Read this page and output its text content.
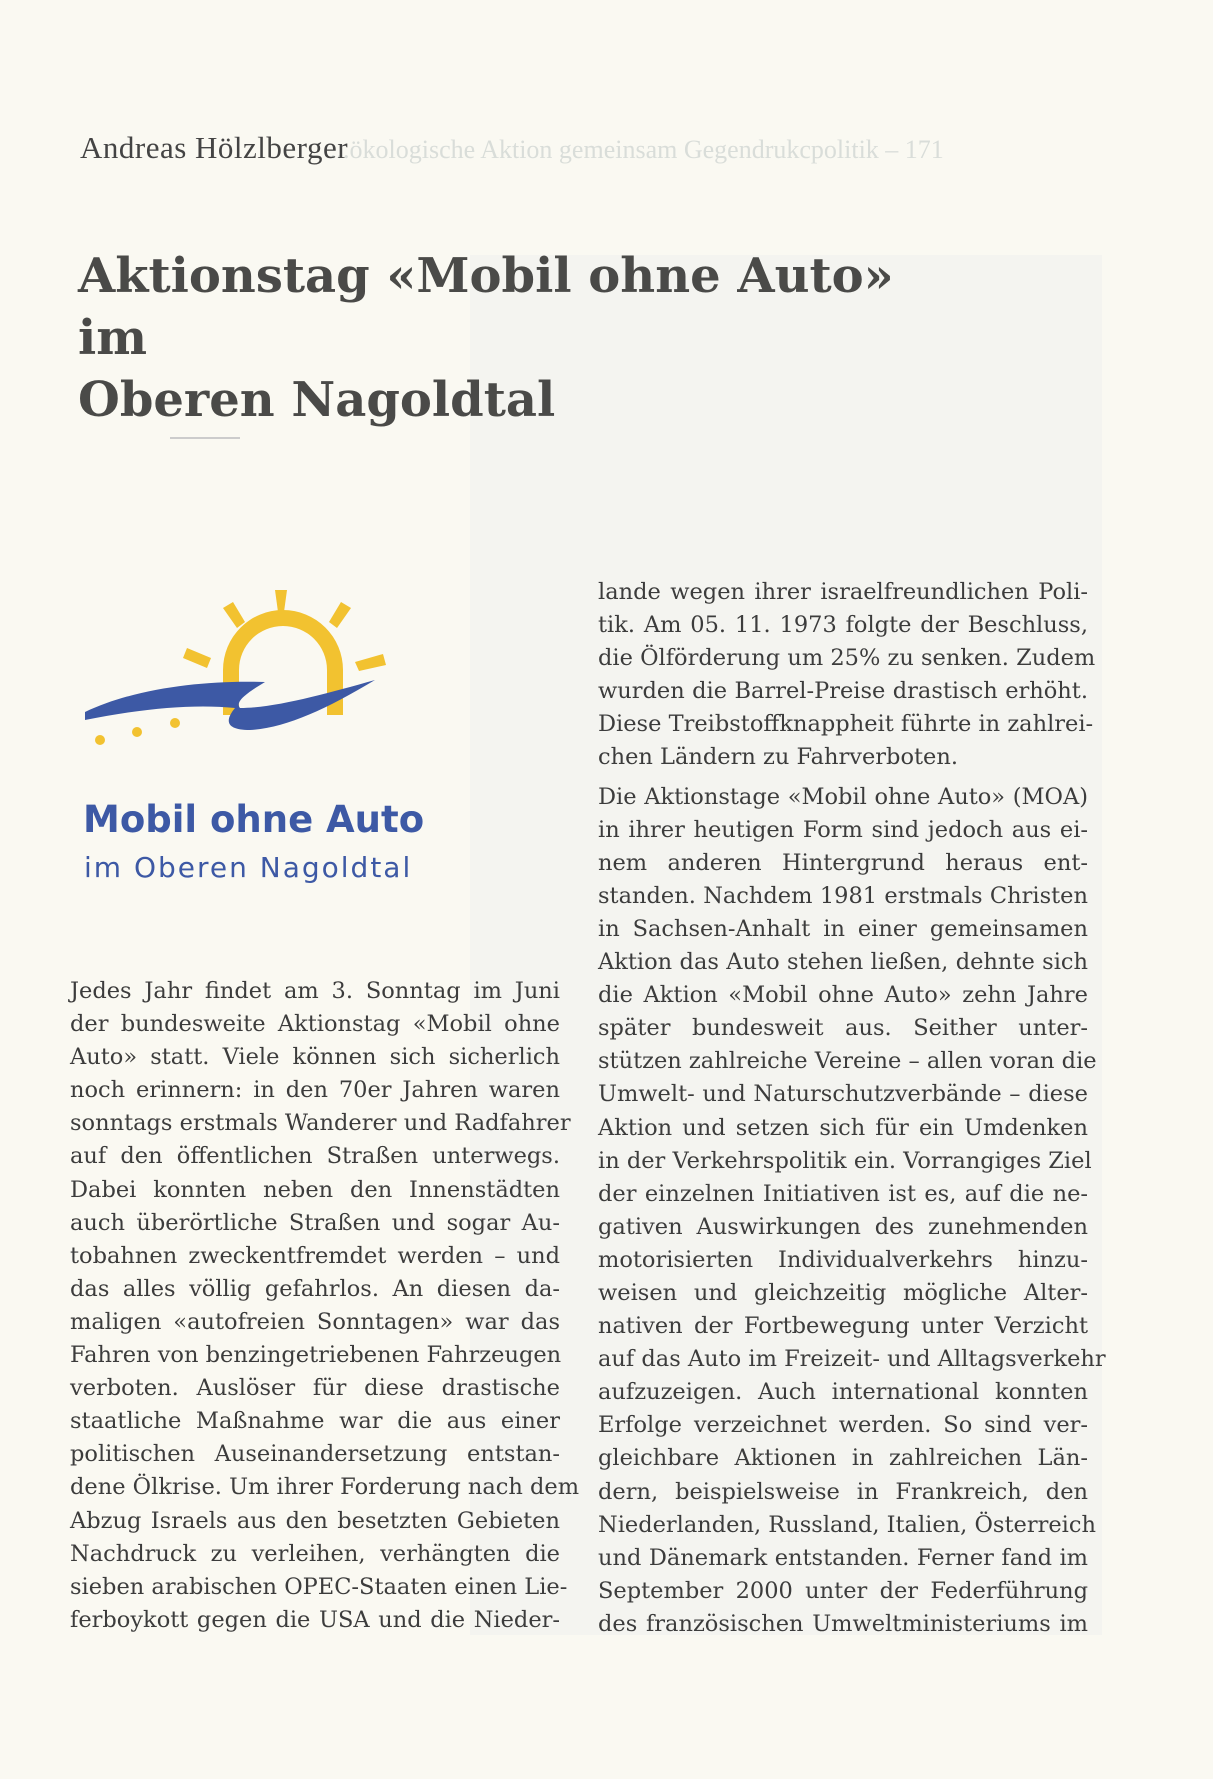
...ökologische Aktion gemeinsam Gegendrukcpolitik – 171
Andreas Hölzlberger
Aktionstag «Mobil ohne Auto» im
Oberen Nagoldtal
Mobil ohne Auto
im Oberen Nagoldtal
Jedes Jahr findet am 3. Sonntag im Juni
der bundesweite Aktionstag «Mobil ohne
Auto» statt. Viele können sich sicherlich
noch erinnern: in den 70er Jahren waren
sonntags erstmals Wanderer und Radfahrer
auf den öffentlichen Straßen unterwegs.
Dabei konnten neben den Innenstädten
auch überörtliche Straßen und sogar Au-
tobahnen zweckentfremdet werden – und
das alles völlig gefahrlos. An diesen da-
maligen «autofreien Sonntagen» war das
Fahren von benzingetriebenen Fahrzeugen
verboten. Auslöser für diese drastische
staatliche Maßnahme war die aus einer
politischen Auseinandersetzung entstan-
dene Ölkrise. Um ihrer Forderung nach dem
Abzug Israels aus den besetzten Gebieten
Nachdruck zu verleihen, verhängten die
sieben arabischen OPEC-Staaten einen Lie-
ferboykott gegen die USA und die Nieder-
lande wegen ihrer israelfreundlichen Poli-
tik. Am 05. 11. 1973 folgte der Beschluss,
die Ölförderung um 25% zu senken. Zudem
wurden die Barrel-Preise drastisch erhöht.
Diese Treibstoffknappheit führte in zahlrei-
chen Ländern zu Fahrverboten.
Die Aktionstage «Mobil ohne Auto» (MOA)
in ihrer heutigen Form sind jedoch aus ei-
nem anderen Hintergrund heraus ent-
standen. Nachdem 1981 erstmals Christen
in Sachsen-Anhalt in einer gemeinsamen
Aktion das Auto stehen ließen, dehnte sich
die Aktion «Mobil ohne Auto» zehn Jahre
später bundesweit aus. Seither unter-
stützen zahlreiche Vereine – allen voran die
Umwelt- und Naturschutzverbände – diese
Aktion und setzen sich für ein Umdenken
in der Verkehrspolitik ein. Vorrangiges Ziel
der einzelnen Initiativen ist es, auf die ne-
gativen Auswirkungen des zunehmenden
motorisierten Individualverkehrs hinzu-
weisen und gleichzeitig mögliche Alter-
nativen der Fortbewegung unter Verzicht
auf das Auto im Freizeit- und Alltagsverkehr
aufzuzeigen. Auch international konnten
Erfolge verzeichnet werden. So sind ver-
gleichbare Aktionen in zahlreichen Län-
dern, beispielsweise in Frankreich, den
Niederlanden, Russland, Italien, Österreich
und Dänemark entstanden. Ferner fand im
September 2000 unter der Federführung
des französischen Umweltministeriums im
